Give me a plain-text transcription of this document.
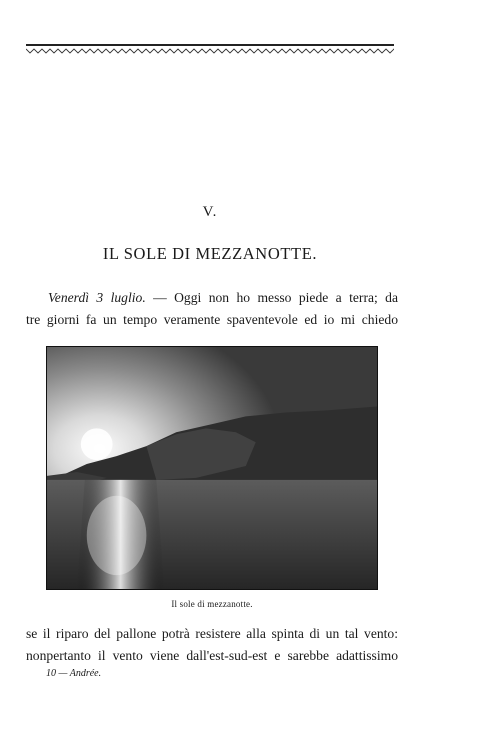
V.
IL SOLE DI MEZZANOTTE.
Venerdì 3 luglio. — Oggi non ho messo piede a terra; da
tre giorni fa un tempo veramente spaventevole ed io mi chiedo
Il sole di mezzanotte.
se il riparo del pallone potrà resistere alla spinta di un tal vento:
nonpertanto il vento viene dall'est-sud-est e sarebbe adattissimo
10 — Andrée.
